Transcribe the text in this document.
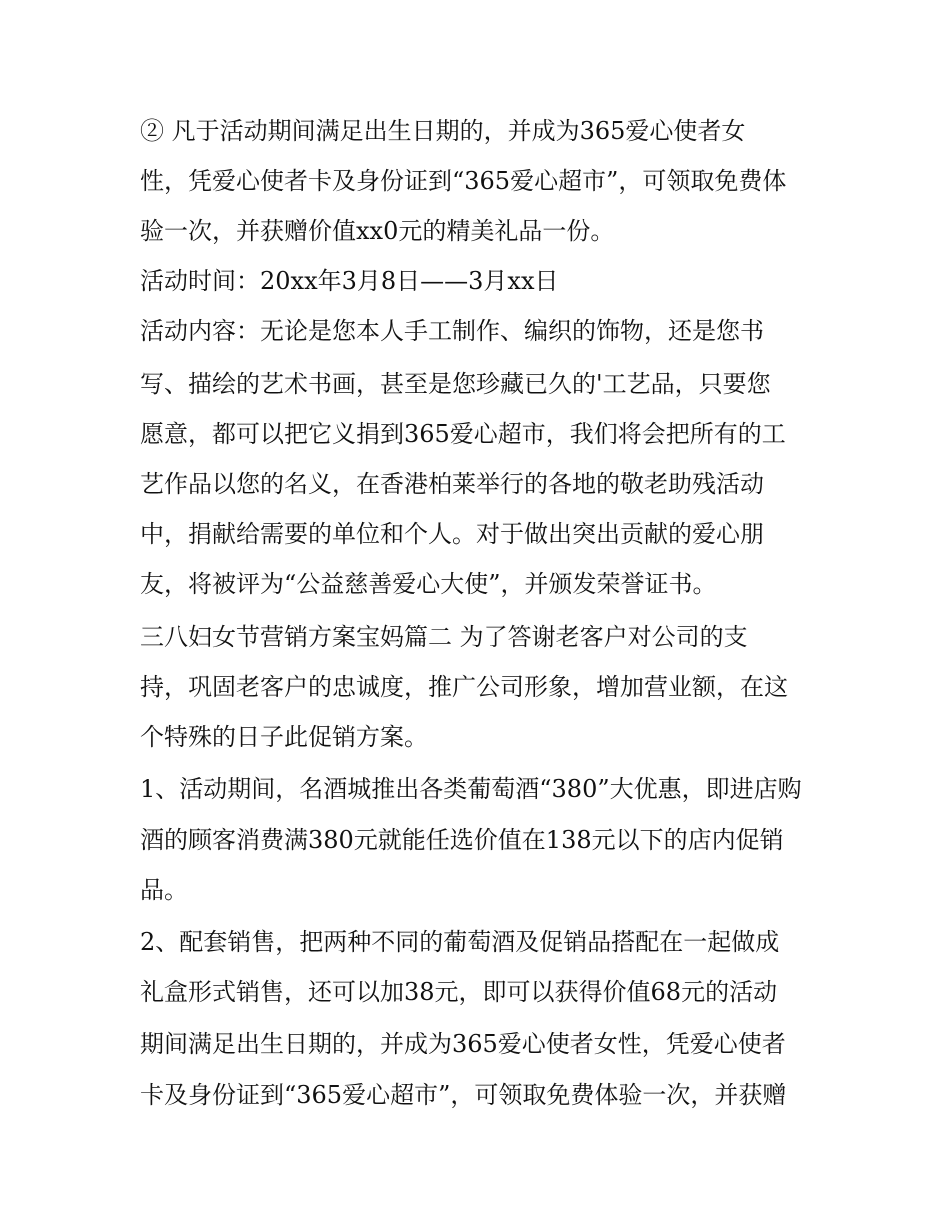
② 凡于活动期间满足出生日期的，并成为365爱心使者女
性，凭爱心使者卡及身份证到“365爱心超市”，可领取免费体
验一次，并获赠价值xx0元的精美礼品一份。
活动时间：20xx年3月8日——3月xx日
活动内容：无论是您本人手工制作、编织的饰物，还是您书
写、描绘的艺术书画，甚至是您珍藏已久的'工艺品，只要您
愿意，都可以把它义捐到365爱心超市，我们将会把所有的工
艺作品以您的名义，在香港柏莱举行的各地的敬老助残活动
中，捐献给需要的单位和个人。对于做出突出贡献的爱心朋
友，将被评为“公益慈善爱心大使”，并颁发荣誉证书。
三八妇女节营销方案宝妈篇二 为了答谢老客户对公司的支
持，巩固老客户的忠诚度，推广公司形象，增加营业额，在这
个特殊的日子此促销方案。
1、活动期间，名酒城推出各类葡萄酒“380”大优惠，即进店购
酒的顾客消费满380元就能任选价值在138元以下的店内促销
品。
2、配套销售，把两种不同的葡萄酒及促销品搭配在一起做成
礼盒形式销售，还可以加38元，即可以获得价值68元的活动
期间满足出生日期的，并成为365爱心使者女性，凭爱心使者
卡及身份证到“365爱心超市”，可领取免费体验一次，并获赠
